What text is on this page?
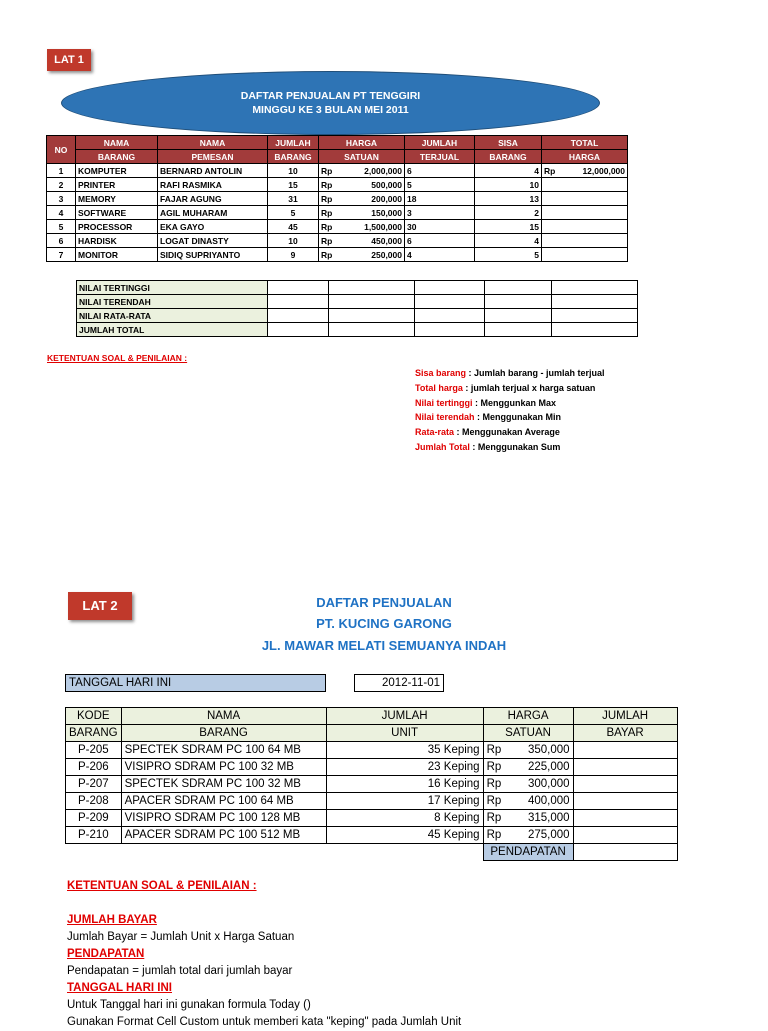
LAT 1
DAFTAR PENJUALAN PT TENGGIRI
MINGGU KE 3 BULAN MEI 2011
NO	NAMA	NAMA	JUMLAH	HARGA	JUMLAH	SISA	TOTAL
	BARANG	PEMESAN	BARANG	SATUAN	TERJUAL	BARANG	HARGA
1	KOMPUTER	BERNARD ANTOLIN	10	Rp 2,000,000	6	4	Rp 12,000,000

2	PRINTER	RAFI RASMIKA	15	Rp 500,000	5	10	

3	MEMORY	FAJAR AGUNG	31	Rp 200,000	18	13	

4	SOFTWARE	AGIL MUHARAM	5	Rp 150,000	3	2	

5	PROCESSOR	EKA GAYO	45	Rp 1,500,000	30	15	

6	HARDISK	LOGAT DINASTY	10	Rp 450,000	6	4	

7	MONITOR	SIDIQ SUPRIYANTO	9	Rp 250,000	4	5	
NILAI TERTINGGI					
NILAI TERENDAH					
NILAI RATA-RATA					
JUMLAH TOTAL					
KETENTUAN SOAL & PENILAIAN :
Sisa barang : Jumlah barang - jumlah terjual
Total harga : jumlah terjual x harga satuan
Nilai tertinggi : Menggunkan Max
Nilai terendah : Menggunakan Min
Rata-rata : Menggunakan Average
Jumlah Total : Menggunakan Sum
LAT 2	DAFTAR PENJUALAN
PT. KUCING GARONG
JL. MAWAR MELATI SEMUANYA INDAH
TANGGAL HARI INI		2012-11-01
KODE	NAMA	JUMLAH	HARGA	JUMLAH
BARANG	BARANG	UNIT	SATUAN	BAYAR
P-205	SPECTEK SDRAM PC 100 64 MB	35 Keping	Rp 350,000	

P-206	VISIPRO SDRAM PC 100 32 MB	23 Keping	Rp 225,000	

P-207	SPECTEK SDRAM PC 100 32 MB	16 Keping	Rp 300,000	

P-208	APACER SDRAM PC 100 64 MB	17 Keping	Rp 400,000	

P-209	VISIPRO SDRAM PC 100 128 MB	8 Keping	Rp 315,000	

P-210	APACER SDRAM PC 100 512 MB	45 Keping	Rp 275,000	

			PENDAPATAN	
KETENTUAN SOAL & PENILAIAN :
JUMLAH BAYAR
Jumlah Bayar = Jumlah Unit x Harga Satuan
PENDAPATAN
Pendapatan = jumlah total dari jumlah bayar
TANGGAL HARI INI
Untuk Tanggal hari ini gunakan formula Today ()
Gunakan Format Cell Custom untuk memberi kata "keping" pada Jumlah Unit
